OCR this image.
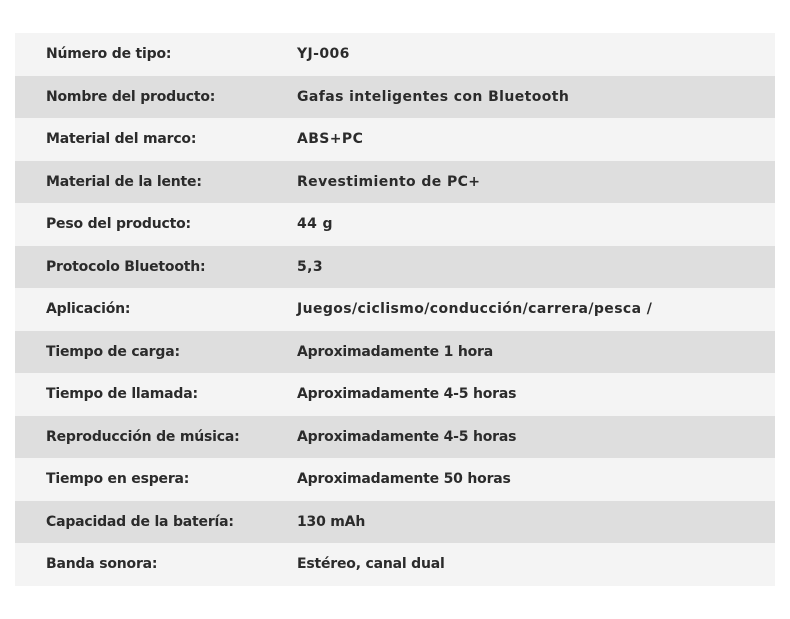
Número de tipo:	YJ-006
Nombre del producto:	Gafas inteligentes con Bluetooth
Material del marco:	ABS+PC
Material de la lente:	Revestimiento de PC+
Peso del producto:	44 g
Protocolo Bluetooth:	5,3
Aplicación:	Juegos/ciclismo/conducción/carrera/pesca /
Tiempo de carga:	Aproximadamente 1 hora
Tiempo de llamada:	Aproximadamente 4-5 horas
Reproducción de música:	Aproximadamente 4-5 horas
Tiempo en espera:	Aproximadamente 50 horas
Capacidad de la batería:	130 mAh
Banda sonora:	Estéreo, canal dual
